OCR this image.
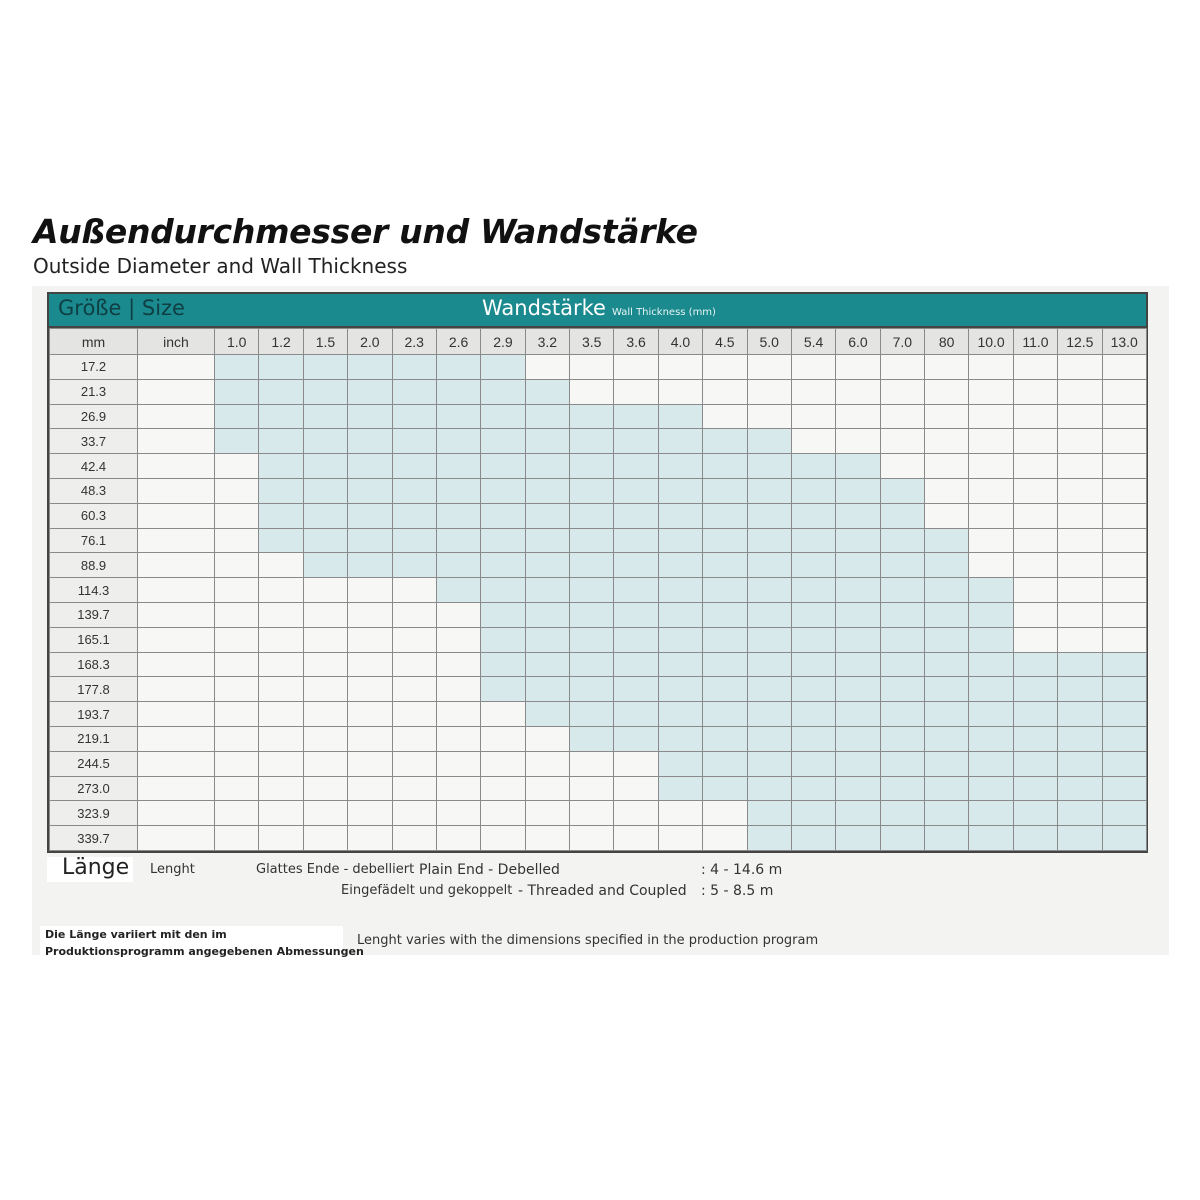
Außendurchmesser und Wandstärke
Outside Diameter and Wall Thickness
Größe | Size	Wandstärke Wall Thickness (mm)
mm	inch	1.0	1.2	1.5	2.0	2.3	2.6	2.9	3.2	3.5	3.6	4.0	4.5	5.0	5.4	6.0	7.0	80	10.0	11.0	12.5	13.0
17.2																						
21.3																						
26.9																						
33.7																						
42.4																						
48.3																						
60.3																						
76.1																						
88.9																						
114.3																						
139.7																						
165.1																						
168.3																						
177.8																						
193.7																						
219.1																						
244.5																						
273.0																						
323.9																						
339.7																						
Länge Lenght	Glattes Ende - debelliert Plain End - Debelled	: 4 - 14.6 m
Eingefädelt und gekoppelt - Threaded and Coupled : 5 - 8.5 m
Die Länge variiert mit den im
Produktionsprogramm angegebenen Abmessungen
Lenght varies with the dimensions specified in the production program
